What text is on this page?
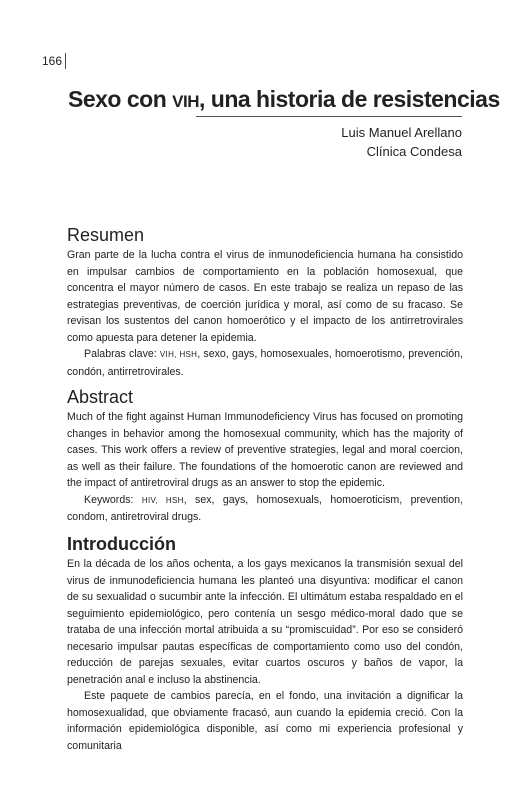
166
Sexo con VIH, una historia de resistencias
Luis Manuel Arellano
Clínica Condesa
Resumen

Gran parte de la lucha contra el virus de inmunodeficiencia humana ha consistido en impulsar cambios de comportamiento en la población homosexual, que concentra el mayor número de casos. En este trabajo se realiza un repaso de las estrategias preventivas, de coerción jurídica y moral, así como de su fracaso. Se revisan los sustentos del canon homoerótico y el impacto de los antirretrovirales como apuesta para detener la epidemia.

Palabras clave: VIH, HSH, sexo, gays, homosexuales, homoerotismo, prevención, condón, antirretrovirales.

Abstract

Much of the fight against Human Immunodeficiency Virus has focused on promoting changes in behavior among the homosexual community, which has the majority of cases. This work offers a review of preventive strategies, legal and moral coercion, as well as their failure. The foundations of the homoerotic canon are reviewed and the impact of antiretroviral drugs as an answer to stop the epidemic.

Keywords: HIV, HSH, sex, gays, homosexuals, homoeroticism, prevention, condom, antiretroviral drugs.

Introducción

En la década de los años ochenta, a los gays mexicanos la transmisión sexual del virus de inmunodeficiencia humana les planteó una disyuntiva: modificar el canon de su sexualidad o sucumbir ante la infección. El ultimátum estaba respaldado en el seguimiento epidemiológico, pero contenía un sesgo médico-moral dado que se trataba de una infección mortal atribuida a su “promiscuidad”. Por eso se consideró necesario impulsar pautas específicas de comportamiento como uso del condón, reducción de parejas sexuales, evitar cuartos oscuros y baños de vapor, la penetración anal e incluso la abstinencia.

Este paquete de cambios parecía, en el fondo, una invitación a dignificar la homosexualidad, que obviamente fracasó, aun cuando la epidemia creció. Con la información epidemiológica disponible, así como mi experiencia profesional y comunitaria
